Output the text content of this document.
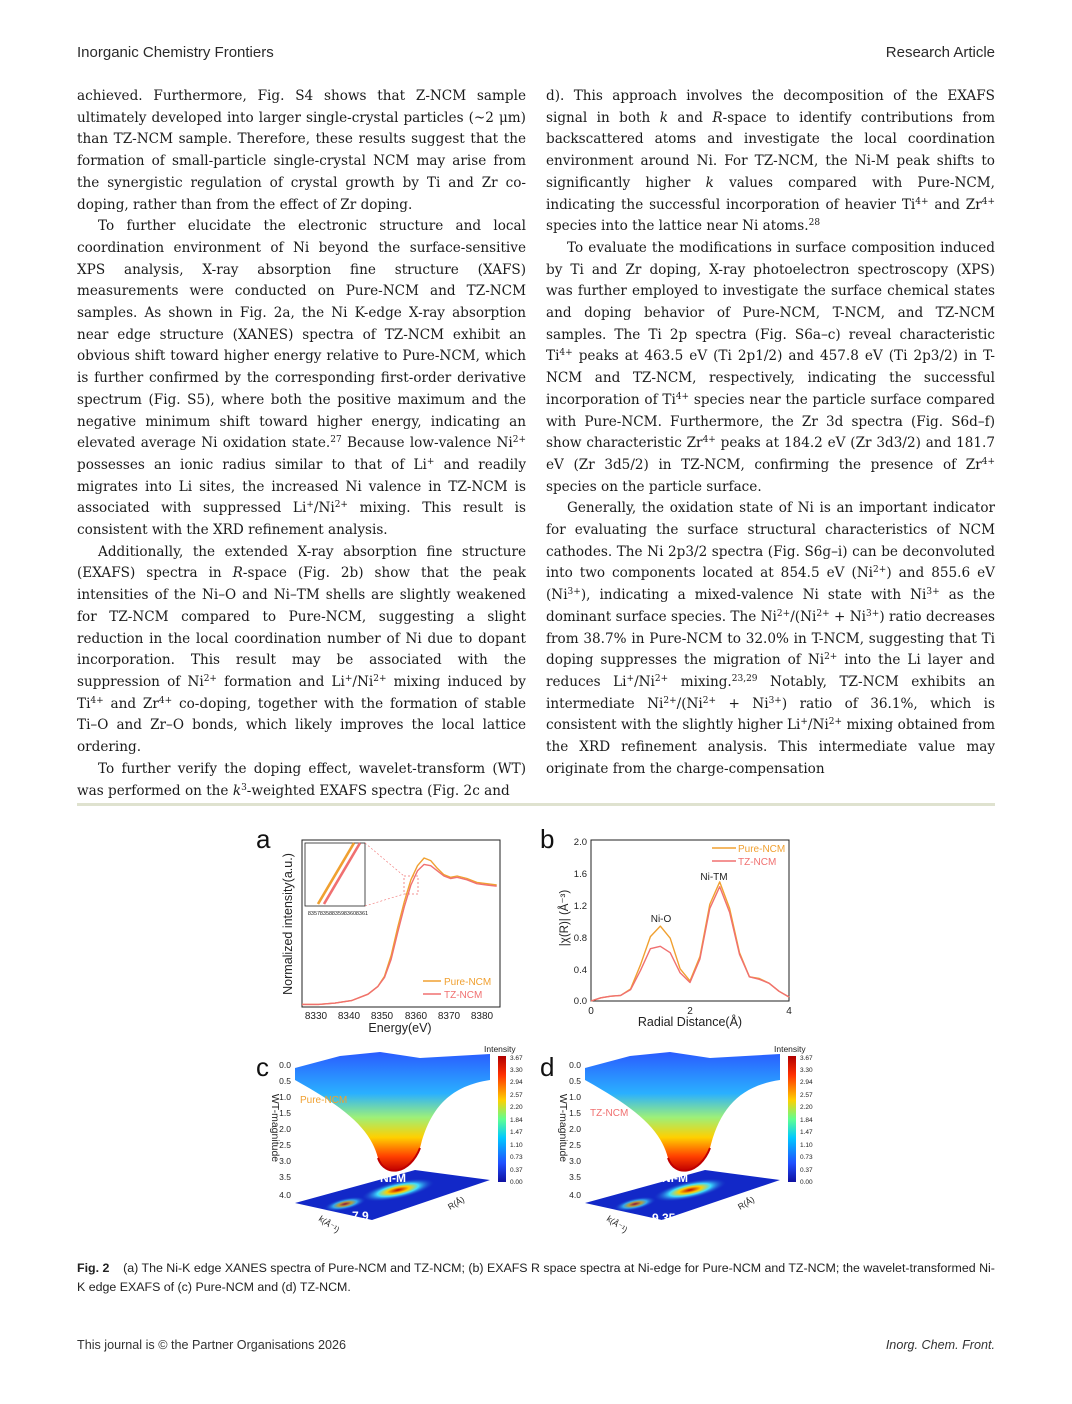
Inorganic Chemistry Frontiers	Research Article

achieved. Furthermore, Fig. S4 shows that Z-NCM sample ultimately developed into larger single-crystal particles (~2 μm) than TZ-NCM sample. Therefore, these results suggest that the formation of small-particle single-crystal NCM may arise from the synergistic regulation of crystal growth by Ti and Zr co-doping, rather than from the effect of Zr doping.

To further elucidate the electronic structure and local coordination environment of Ni beyond the surface-sensitive XPS analysis, X-ray absorption fine structure (XAFS) measurements were conducted on Pure-NCM and TZ-NCM samples. As shown in Fig. 2a, the Ni K-edge X-ray absorption near edge structure (XANES) spectra of TZ-NCM exhibit an obvious shift toward higher energy relative to Pure-NCM, which is further confirmed by the corresponding first-order derivative spectrum (Fig. S5), where both the positive maximum and the negative minimum shift toward higher energy, indicating an elevated average Ni oxidation state.$^{27}$ Because low-valence $Ni^{2+}$ possesses an ionic radius similar to that of Li+ and readily migrates into Li sites, the increased Ni valence in TZ-NCM is associated with suppressed $Li^+/Ni^{2+}$ mixing. This result is consistent with the XRD refinement analysis.

Additionally, the extended X-ray absorption fine structure (EXAFS) spectra in R-space (Fig. 2b) show that the peak intensities of the Ni–O and Ni–TM shells are slightly weakened for TZ-NCM compared to Pure-NCM, suggesting a slight reduction in the local coordination number of Ni due to dopant incorporation. This result may be associated with the suppression of $Ni^{2+}$ formation and $Li^+/Ni^{2+}$ mixing induced by $Ti^{4+}$ and $Zr^{4+}$ co-doping, together with the formation of stable Ti–O and Zr–O bonds, which likely improves the local lattice ordering.

To further verify the doping effect, wavelet-transform (WT) was performed on the $k^3$-weighted EXAFS spectra (Fig. 2c and

d). This approach involves the decomposition of the EXAFS signal in both k and R-space to identify contributions from backscattered atoms and investigate the local coordination environment around Ni. For TZ-NCM, the Ni-M peak shifts to significantly higher k values compared with Pure-NCM, indicating the successful incorporation of heavier $Ti^{4+}$ and $Zr^{4+}$ species into the lattice near Ni atoms.$^{28}$

To evaluate the modifications in surface composition induced by Ti and Zr doping, X-ray photoelectron spectroscopy (XPS) was further employed to investigate the surface chemical states and doping behavior of Pure-NCM, T-NCM, and TZ-NCM samples. The Ti 2p spectra (Fig. S6a–c) reveal characteristic $Ti^{4+}$ peaks at 463.5 eV (Ti 2p1/2) and 457.8 eV (Ti 2p3/2) in T-NCM and TZ-NCM, respectively, indicating the successful incorporation of $Ti^{4+}$ species near the particle surface compared with Pure-NCM. Furthermore, the Zr 3d spectra (Fig. S6d–f) show characteristic $Zr^{4+}$ peaks at 184.2 eV (Zr 3d3/2) and 181.7 eV (Zr 3d5/2) in TZ-NCM, confirming the presence of $Zr^{4+}$ species on the particle surface.

Generally, the oxidation state of Ni is an important indicator for evaluating the surface structural characteristics of NCM cathodes. The Ni 2p3/2 spectra (Fig. S6g–i) can be deconvoluted into two components located at 854.5 eV $(Ni^{2+})$ and 855.6 eV $(Ni^{3+})$, indicating a mixed-valence Ni state with $Ni^{3+}$ as the dominant surface species. The $Ni^{2+}/(Ni^{2+} + Ni^{3+})$ ratio decreases from 38.7% in Pure-NCM to 32.0% in T-NCM, suggesting that Ti doping suppresses the migration of $Ni^{2+}$ into the Li layer and reduces $Li^+/Ni^{2+}$ mixing.$^{23,29}$ Notably, TZ-NCM exhibits an intermediate $Ni^{2+}/(Ni^{2+} + Ni^{3+})$ ratio of 36.1%, which is consistent with the slightly higher $Li^+/Ni^{2+}$ mixing obtained from the XRD refinement analysis. This intermediate value may originate from the charge-compensation

a
8357 8358 8359 8360 8361
Pure-NCM
TZ-NCM
8330 8340 8350 8360 8370 8380
Energy(eV)
Normalized intensity(a.u.)
b
0.0
0.4
0.8
1.2
1.6
2.0
0	2	4
Radial Distance(Å)
|χ(R)| (Å⁻³)	Ni-O
Ni-TM
Pure-NCM
TZ-NCM
c 0.0
0.5
1.0
1.5
2.0
2.5
3.0
3.5
4.0
WT-magnitude Pure-NCM
Ni-M
7.9
k(Å⁻¹)
R(Å)
Intensity
3.67
3.30
2.94
2.57
2.20
1.84
1.47
1.10
0.73
0.37
0.00
d 0.0
0.5
1.0
1.5
2.0
2.5
3.0
3.5
4.0
WT-magnitude TZ-NCM
Ni-M
9.35
k(Å⁻¹)
R(Å)
Intensity
3.67
3.30
2.94
2.57
2.20
1.84
1.47
1.10
0.73
0.37
0.00
Fig. 2 (a) The Ni-K edge XANES spectra of Pure-NCM and TZ-NCM; (b) EXAFS R space spectra at Ni-edge for Pure-NCM and TZ-NCM; the wavelet-transformed Ni-K edge EXAFS of (c) Pure-NCM and (d) TZ-NCM.
This journal is © the Partner Organisations 2026	Inorg. Chem. Front.
